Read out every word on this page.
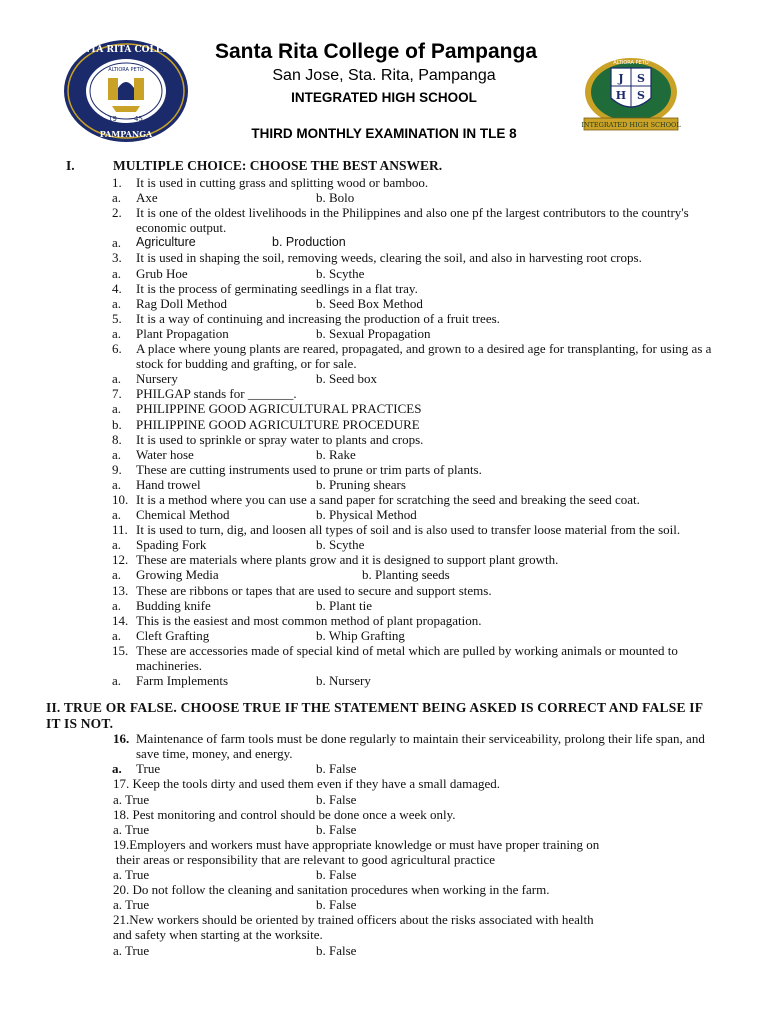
SANTA RITA COLLEGE
PAMPANGA
ALTIORA PETO
19 45
Santa Rita College of Pampanga
San Jose, Sta. Rita, Pampanga
INTEGRATED HIGH SCHOOL
THIRD MONTHLY EXAMINATION IN TLE 8
ALTIORA PETO
J S
H S
INTEGRATED HIGH SCHOOL
I.	MULTIPLE CHOICE: CHOOSE THE BEST ANSWER.
1.	It is used in cutting grass and splitting wood or bamboo.
a. Axe	b. Bolo
2.	It is one of the oldest livelihoods in the Philippines and also one pf the largest contributors to the country's economic output.
a. Agriculture	b. Production
3.	It is used in shaping the soil, removing weeds, clearing the soil, and also in harvesting root crops.
a. Grub Hoe	b. Scythe
4.	It is the process of germinating seedlings in a flat tray.
a. Rag Doll Method	b. Seed Box Method
5.	It is a way of continuing and increasing the production of a fruit trees.
a. Plant Propagation	b. Sexual Propagation
6.	A place where young plants are reared, propagated, and grown to a desired age for transplanting, for using as a stock for budding and grafting, or for sale.
a. Nursery	b. Seed box
7.	PHILGAP stands for _______.
a. PHILIPPINE GOOD AGRICULTURAL PRACTICES
b. PHILIPPINE GOOD AGRICULTURE PROCEDURE
8.	It is used to sprinkle or spray water to plants and crops.
a. Water hose	b. Rake
9.	These are cutting instruments used to prune or trim parts of plants.
a. Hand trowel	b. Pruning shears
10. It is a method where you can use a sand paper for scratching the seed and breaking the seed coat.
a. Chemical Method	b. Physical Method
11. It is used to turn, dig, and loosen all types of soil and is also used to transfer loose material from the soil.
a. Spading Fork	b. Scythe
12. These are materials where plants grow and it is designed to support plant growth.
a. Growing Media	b. Planting seeds
13. These are ribbons or tapes that are used to secure and support stems.
a. Budding knife	b. Plant tie
14. This is the easiest and most common method of plant propagation.
a. Cleft Grafting	b. Whip Grafting
15. These are accessories made of special kind of metal which are pulled by working animals or mounted to machineries.
a. Farm Implements	b. Nursery
II. TRUE OR FALSE. CHOOSE TRUE IF THE STATEMENT BEING ASKED IS CORRECT AND FALSE IF IT IS NOT.
16. Maintenance of farm tools must be done regularly to maintain their serviceability, prolong their life span, and save time, money, and energy.
a. True	b. False
17. Keep the tools dirty and used them even if they have a small damaged.
a. True	b. False
18. Pest monitoring and control should be done once a week only.
a. True	b. False
19.Employers and workers must have appropriate knowledge or must have proper training on
their areas or responsibility that are relevant to good agricultural practice
a. True	b. False
20. Do not follow the cleaning and sanitation procedures when working in the farm.
a. True	b. False
21.New workers should be oriented by trained officers about the risks associated with health
and safety when starting at the worksite.
a. True	b. False
